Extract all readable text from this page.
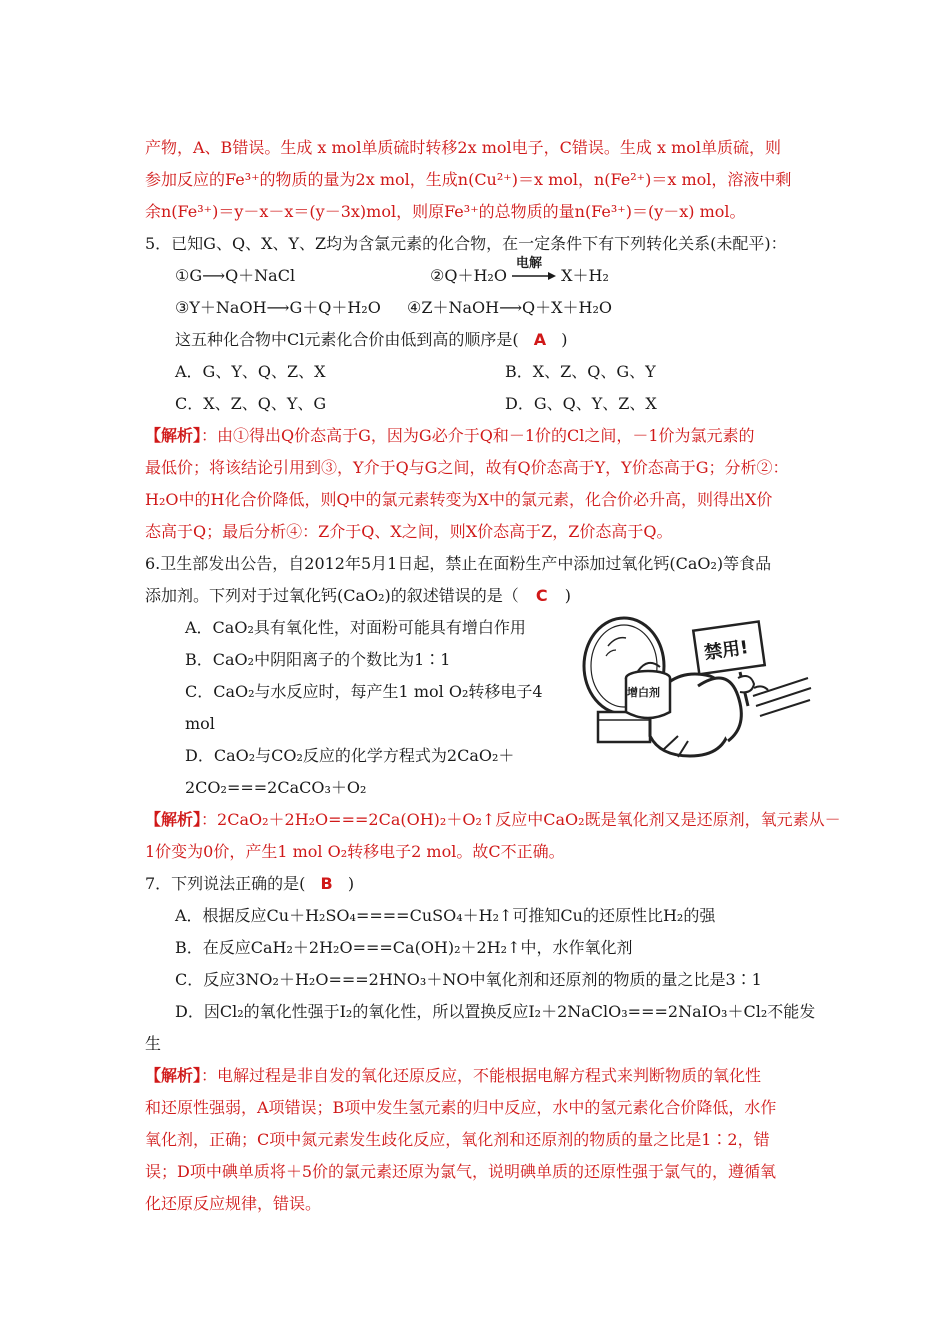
产物，A、B错误。生成 x mol单质硫时转移2x mol电子，C错误。生成 x mol单质硫，则
参加反应的Fe³⁺的物质的量为2x mol，生成n(Cu²⁺)＝x mol，n(Fe²⁺)＝x mol，溶液中剩
余n(Fe³⁺)＝y－x－x＝(y－3x)mol，则原Fe³⁺的总物质的量n(Fe³⁺)＝(y－x) mol。
5．已知G、Q、X、Y、Z均为含氯元素的化合物，在一定条件下有下列转化关系(未配平)：
①G⟶Q＋NaCl	②Q＋H₂O
电解
X＋H₂
③Y＋NaOH⟶G＋Q＋H₂O ④Z＋NaOH⟶Q＋X＋H₂O
这五种化合物中Cl元素化合价由低到高的顺序是( A )
A．G、Y、Q、Z、X	B．X、Z、Q、G、Y
C．X、Z、Q、Y、G	D．G、Q、Y、Z、X
【解析】：由①得出Q价态高于G，因为G必介于Q和－1价的Cl之间，－1价为氯元素的
最低价；将该结论引用到③，Y介于Q与G之间，故有Q价态高于Y，Y价态高于G；分析②：
H₂O中的H化合价降低，则Q中的氯元素转变为X中的氯元素，化合价必升高，则得出X价
态高于Q；最后分析④：Z介于Q、X之间，则X价态高于Z，Z价态高于Q。
6.卫生部发出公告，自2012年5月1日起，禁止在面粉生产中添加过氧化钙(CaO₂)等食品
添加剂。下列对于过氧化钙(CaO₂)的叙述错误的是（ C )
A．CaO₂具有氧化性，对面粉可能具有增白作用
B．CaO₂中阴阳离子的个数比为1∶1
C．CaO₂与水反应时，每产生1 mol O₂转移电子4
mol
D．CaO₂与CO₂反应的化学方程式为2CaO₂＋
2CO₂===2CaCO₃＋O₂
禁用!
增白剂
【解析】：2CaO₂＋2H₂O===2Ca(OH)₂＋O₂↑反应中CaO₂既是氧化剂又是还原剂，氧元素从－
1价变为0价，产生1 mol O₂转移电子2 mol。故C不正确。
7．下列说法正确的是( B )
A．根据反应Cu＋H₂SO₄====CuSO₄＋H₂↑可推知Cu的还原性比H₂的强
B．在反应CaH₂＋2H₂O===Ca(OH)₂＋2H₂↑中，水作氧化剂
C．反应3NO₂＋H₂O===2HNO₃＋NO中氧化剂和还原剂的物质的量之比是3∶1
D．因Cl₂的氧化性强于I₂的氧化性，所以置换反应I₂＋2NaClO₃===2NaIO₃＋Cl₂不能发
生
【解析】：电解过程是非自发的氧化还原反应，不能根据电解方程式来判断物质的氧化性
和还原性强弱，A项错误；B项中发生氢元素的归中反应，水中的氢元素化合价降低，水作
氧化剂，正确；C项中氮元素发生歧化反应，氧化剂和还原剂的物质的量之比是1∶2，错
误；D项中碘单质将＋5价的氯元素还原为氯气，说明碘单质的还原性强于氯气的，遵循氧
化还原反应规律，错误。
